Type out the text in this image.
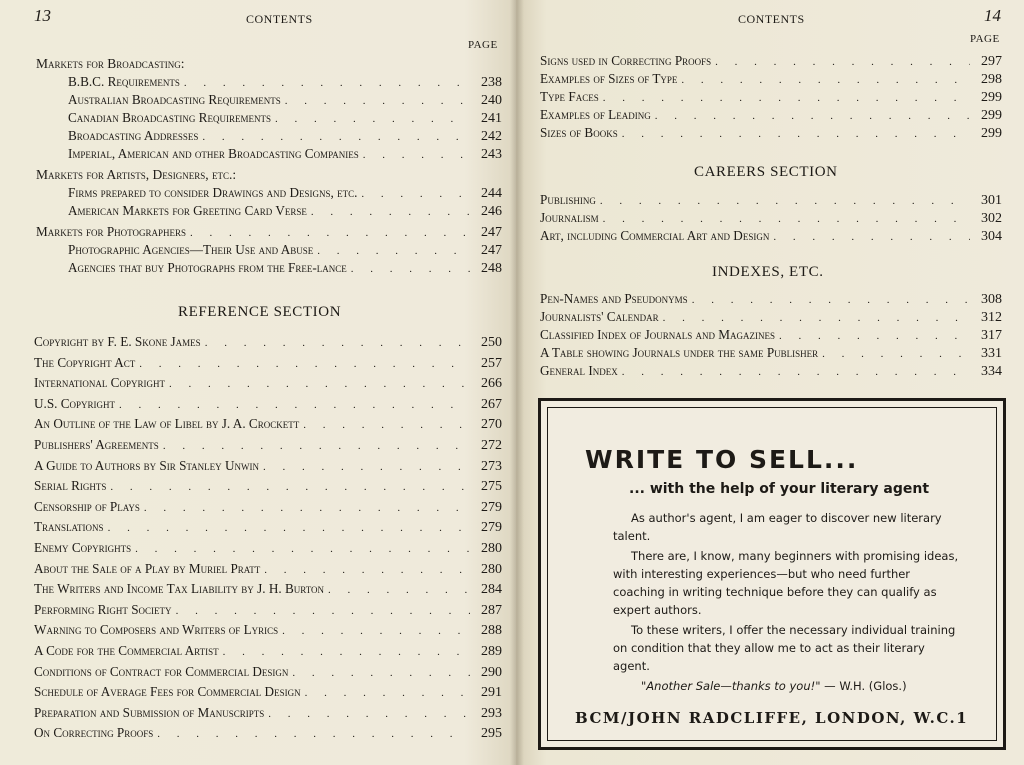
13	CONTENTS
PAGE
Markets for Broadcasting:
B.B.C. Requirements . . .	238
Australian Broadcasting Requirements . . .	240
Canadian Broadcasting Requirements . . .	241
Broadcasting Addresses . . .	242
Imperial, American and other Broadcasting Companies . . .	243
Markets for Artists, Designers, etc.:
Firms prepared to consider Drawings and Designs, etc. . . .	244
American Markets for Greeting Card Verse . . .	246
Markets for Photographers . . .	247
Photographic Agencies—Their Use and Abuse . . .	247
Agencies that buy Photographs from the Free-lance . . .	248
REFERENCE SECTION
Copyright by F. E. Skone James . . .	250
The Copyright Act . . .	257
International Copyright . . .	266
U.S. Copyright . . .	267
An Outline of the Law of Libel by J. A. Crockett . . .	270
Publishers' Agreements . . .	272
A Guide to Authors by Sir Stanley Unwin . . .	273
Serial Rights . . .	275
Censorship of Plays . . .	279
Translations . . .	279
Enemy Copyrights . . .	280
About the Sale of a Play by Muriel Pratt . . .	280
The Writers and Income Tax Liability by J. H. Burton . . .	284
Performing Right Society . . .	287
Warning to Composers and Writers of Lyrics . . .	288
A Code for the Commercial Artist . . .	289
Conditions of Contract for Commercial Design . . .	290
Schedule of Average Fees for Commercial Design . . .	291
Preparation and Submission of Manuscripts . . .	293
On Correcting Proofs . . .	295
CONTENTS	14
PAGE
Signs used in Correcting Proofs . . .	297
Examples of Sizes of Type . . .	298
Type Faces . . .	299
Examples of Leading . . .	299
Sizes of Books . . .	299
CAREERS SECTION
Publishing . . .	301
Journalism . . .	302
Art, including Commercial Art and Design . . .	304
INDEXES, ETC.
Pen-Names and Pseudonyms . . .	308
Journalists' Calendar . . .	312
Classified Index of Journals and Magazines . . .	317
A Table showing Journals under the same Publisher . . .	331
General Index . . .	334
WRITE TO SELL...
... with the help of your literary agent

As author's agent, I am eager to discover new literary talent.

There are, I know, many beginners with promising ideas, with interesting experiences—but who need further coaching in writing technique before they can qualify as expert authors.

To these writers, I offer the necessary individual training on condition that they allow me to act as their literary agent.

"Another Sale—thanks to you!" — W.H. (Glos.)
BCM/JOHN RADCLIFFE, LONDON, W.C.1
